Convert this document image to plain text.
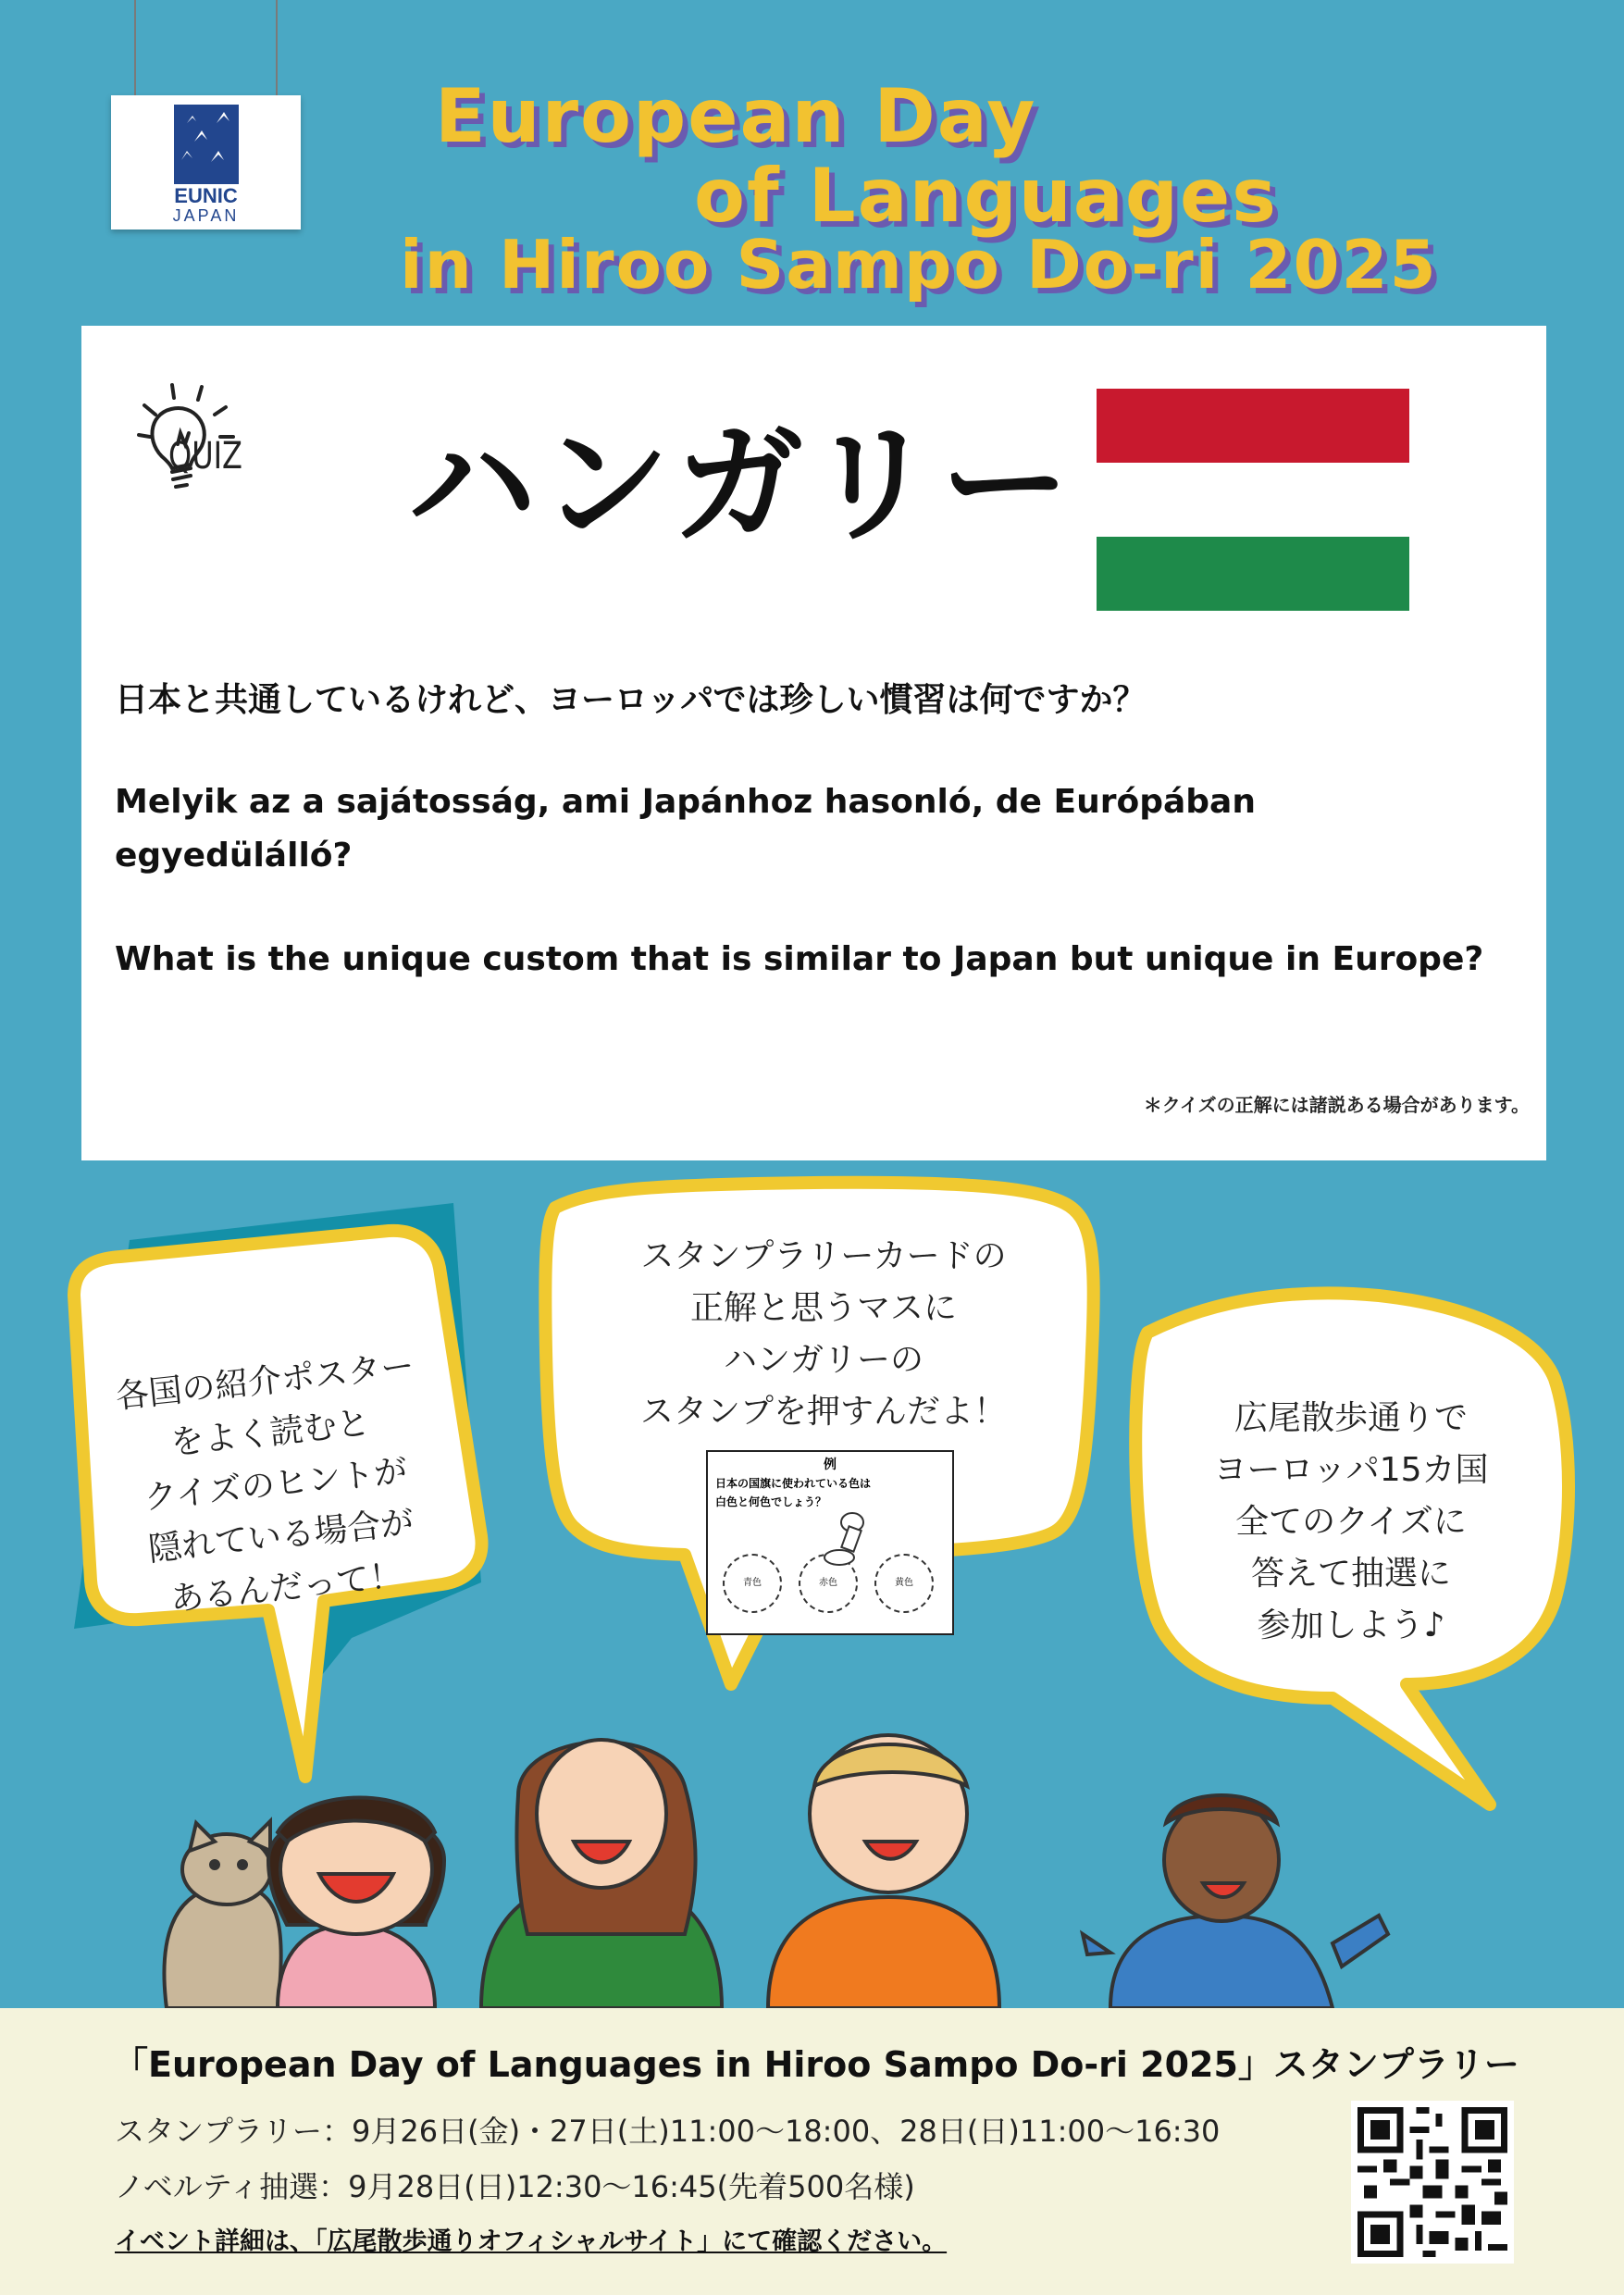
EUNIC
JAPAN
European Day
of Languages
in Hiroo Sampo Do-ri 2025
QUIZ ハンガリー
日本と共通しているけれど、ヨーロッパでは珍しい慣習は何ですか？
Melyik az a sajátosság, ami Japánhoz hasonló, de Európában
egyedülálló?
What is the unique custom that is similar to Japan but unique in Europe?
＊クイズの正解には諸説ある場合があります。
各国の紹介ポスター
をよく読むと
クイズのヒントが
隠れている場合が
あるんだって！
スタンプラリーカードの
正解と思うマスに
ハンガリーの
スタンプを押すんだよ！
例
日本の国旗に使われている色は
白色と何色でしょう？
青色	赤色	黄色
広尾散歩通りで
ヨーロッパ15カ国
全てのクイズに
答えて抽選に
参加しよう♪
「European Day of Languages in Hiroo Sampo Do-ri 2025」スタンプラリー
スタンプラリー：9月26日(金)・27日(土)11:00～18:00、28日(日)11:00～16:30
ノベルティ抽選：9月28日(日)12:30～16:45(先着500名様)
イベント詳細は、「広尾散歩通りオフィシャルサイト」にて確認ください。
